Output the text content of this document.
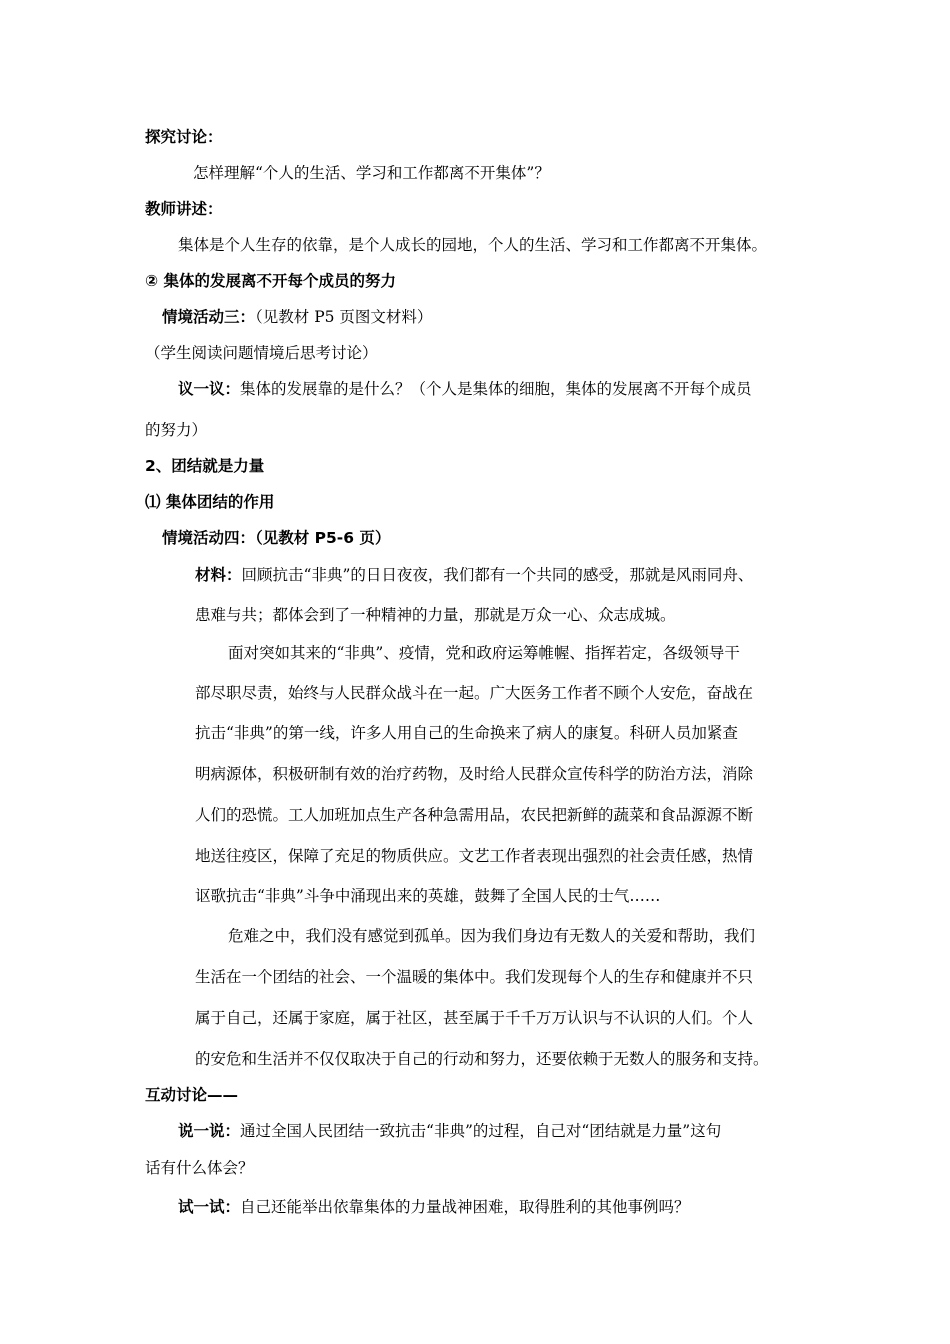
探究讨论：
怎样理解“个人的生活、学习和工作都离不开集体”？
教师讲述：
集体是个人生存的依靠，是个人成长的园地，个人的生活、学习和工作都离不开集体。
② 集体的发展离不开每个成员的努力
情境活动三：（见教材 P5 页图文材料）
（学生阅读问题情境后思考讨论）
议一议：集体的发展靠的是什么？（个人是集体的细胞，集体的发展离不开每个成员
的努力）
2、团结就是力量
⑴ 集体团结的作用
情境活动四：（见教材 P5-6 页）
材料：回顾抗击“非典”的日日夜夜，我们都有一个共同的感受，那就是风雨同舟、
患难与共；都体会到了一种精神的力量，那就是万众一心、众志成城。
面对突如其来的“非典”、疫情，党和政府运筹帷幄、指挥若定，各级领导干
部尽职尽责，始终与人民群众战斗在一起。广大医务工作者不顾个人安危，奋战在
抗击“非典”的第一线，许多人用自己的生命换来了病人的康复。科研人员加紧查
明病源体，积极研制有效的治疗药物，及时给人民群众宣传科学的防治方法，消除
人们的恐慌。工人加班加点生产各种急需用品，农民把新鲜的蔬菜和食品源源不断
地送往疫区，保障了充足的物质供应。文艺工作者表现出强烈的社会责任感，热情
讴歌抗击“非典”斗争中涌现出来的英雄，鼓舞了全国人民的士气……
危难之中，我们没有感觉到孤单。因为我们身边有无数人的关爱和帮助，我们
生活在一个团结的社会、一个温暖的集体中。我们发现每个人的生存和健康并不只
属于自己，还属于家庭，属于社区，甚至属于千千万万认识与不认识的人们。个人
的安危和生活并不仅仅取决于自己的行动和努力，还要依赖于无数人的服务和支持。
互动讨论——
说一说：通过全国人民团结一致抗击“非典”的过程，自己对“团结就是力量”这句
话有什么体会？
试一试：自己还能举出依靠集体的力量战神困难，取得胜利的其他事例吗？
